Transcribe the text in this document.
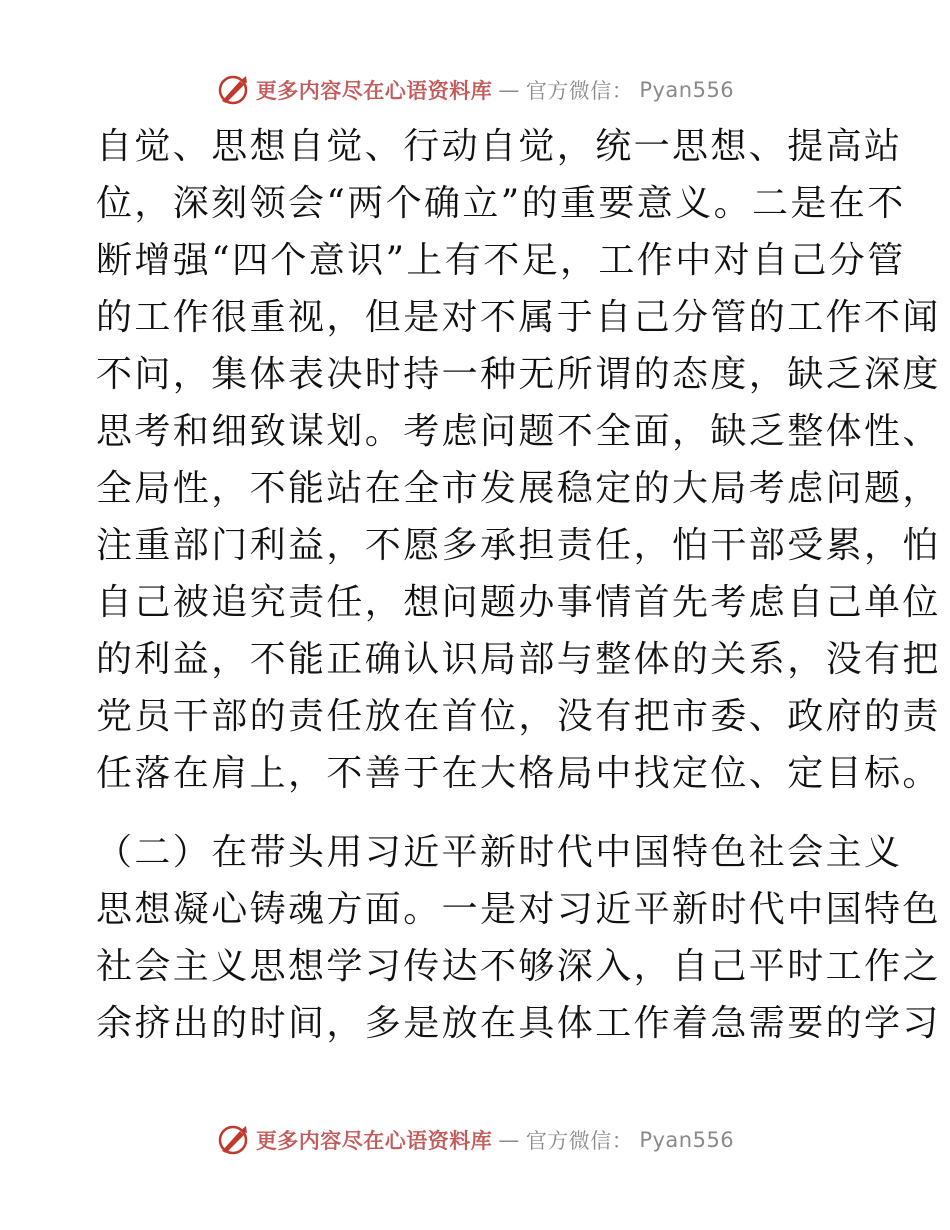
更多内容尽在心语资料库 — 官方微信： Pyan556
自觉、思想自觉、行动自觉，统一思想、提高站
位，深刻领会“两个确立”的重要意义。二是在不
断增强“四个意识”上有不足，工作中对自己分管
的工作很重视，但是对不属于自己分管的工作不闻
不问，集体表决时持一种无所谓的态度，缺乏深度
思考和细致谋划。考虑问题不全面，缺乏整体性、
全局性，不能站在全市发展稳定的大局考虑问题，
注重部门利益，不愿多承担责任，怕干部受累，怕
自己被追究责任，想问题办事情首先考虑自己单位
的利益，不能正确认识局部与整体的关系，没有把
党员干部的责任放在首位，没有把市委、政府的责
任落在肩上，不善于在大格局中找定位、定目标。
（二）在带头用习近平新时代中国特色社会主义
思想凝心铸魂方面。一是对习近平新时代中国特色
社会主义思想学习传达不够深入，自己平时工作之
余挤出的时间，多是放在具体工作着急需要的学习
更多内容尽在心语资料库 — 官方微信： Pyan556
